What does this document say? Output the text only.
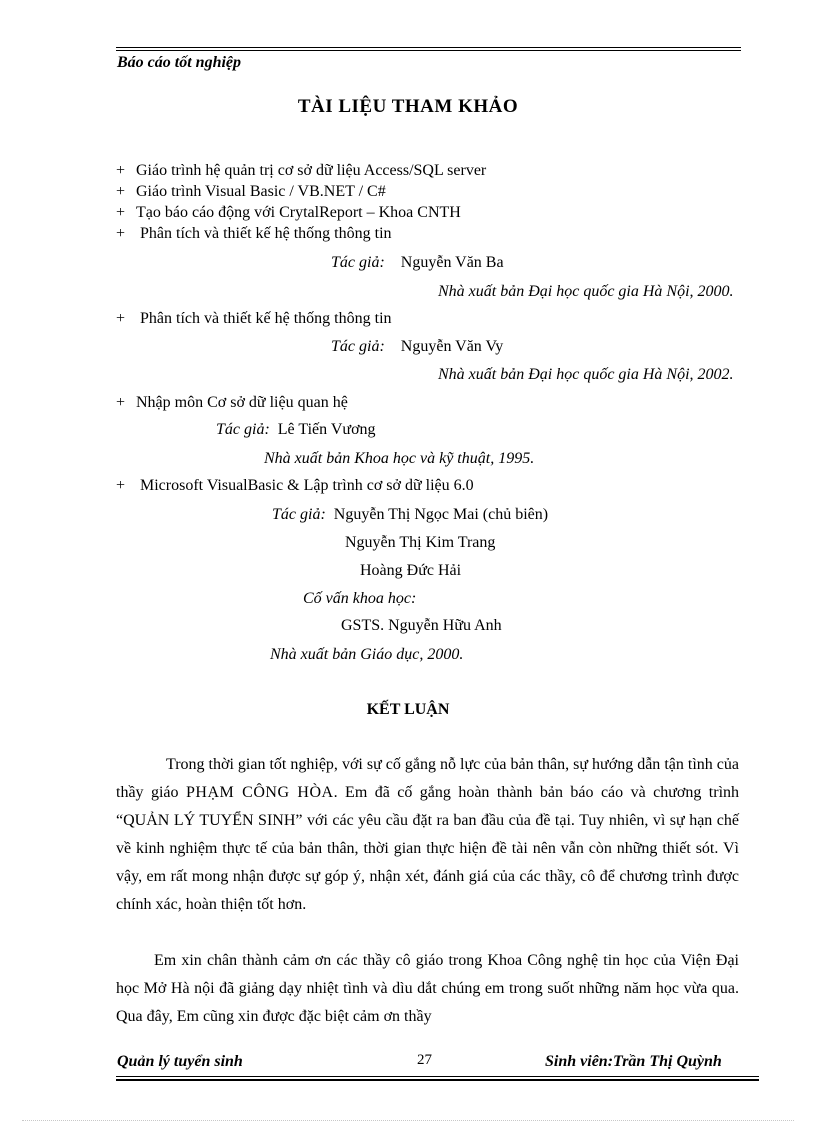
Báo cáo tốt nghiệp
TÀI LIỆU THAM KHẢO
+ Giáo trình hệ quản trị cơ sở dữ liệu Access/SQL server
+ Giáo trình Visual Basic / VB.NET / C#
+ Tạo báo cáo động với CrytalReport – Khoa CNTH
+ Phân tích và thiết kế hệ thống thông tin
Tác giả: Nguyễn Văn Ba
Nhà xuất bản Đại học quốc gia Hà Nội, 2000.
+ Phân tích và thiết kế hệ thống thông tin
Tác giả: Nguyễn Văn Vy
Nhà xuất bản Đại học quốc gia Hà Nội, 2002.
+ Nhập môn Cơ sở dữ liệu quan hệ
Tác giả: Lê Tiến Vương
Nhà xuất bản Khoa học và kỹ thuật, 1995.
+ Microsoft VisualBasic & Lập trình cơ sở dữ liệu 6.0
Tác giả: Nguyễn Thị Ngọc Mai (chủ biên)
Nguyễn Thị Kim Trang
Hoàng Đức Hải
Cố vấn khoa học:
GSTS. Nguyễn Hữu Anh
Nhà xuất bản Giáo dục, 2000.
KẾT LUẬN

Trong thời gian tốt nghiệp, với sự cố gắng nỗ lực của bản thân, sự hướng dẫn tận tình của thầy giáo PHẠM CÔNG HÒA. Em đã cố gắng hoàn thành bản báo cáo và chương trình “QUẢN LÝ TUYỂN SINH” với các yêu cầu đặt ra ban đầu của đề tại. Tuy nhiên, vì sự hạn chế về kinh nghiệm thực tế của bản thân, thời gian thực hiện đề tài nên vẫn còn những thiết sót. Vì vậy, em rất mong nhận được sự góp ý, nhận xét, đánh giá của các thầy, cô để chương trình được chính xác, hoàn thiện tốt hơn.

Em xin chân thành cảm ơn các thầy cô giáo trong Khoa Công nghệ tin học của Viện Đại học Mở Hà nội đã giảng dạy nhiệt tình và dìu dắt chúng em trong suốt những năm học vừa qua. Qua đây, Em cũng xin được đặc biệt cảm ơn thầy

Quản lý tuyển sinh	27	Sinh viên:Trần Thị Quỳnh
